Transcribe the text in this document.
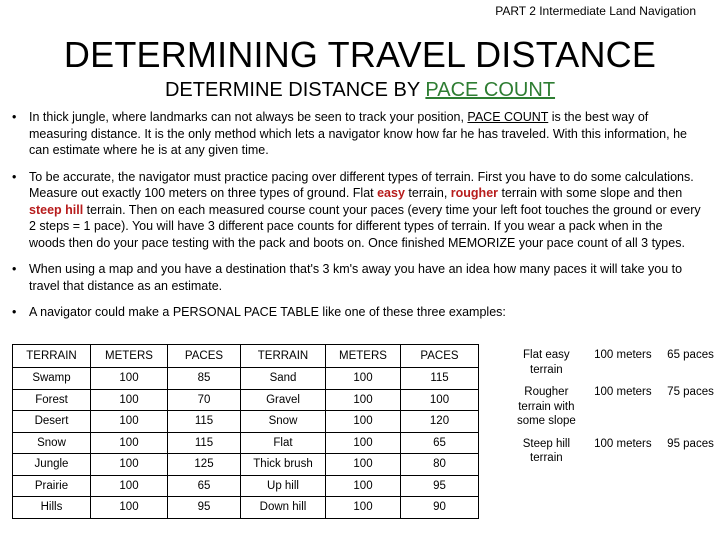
PART 2 Intermediate Land Navigation
DETERMINING TRAVEL DISTANCE
DETERMINE DISTANCE BY PACE COUNT
• In thick jungle, where landmarks can not always be seen to track your position, PACE COUNT is the best way of measuring distance. It is the only method which lets a navigator know how far he has traveled. With this information, he can estimate where he is at any given time.
• To be accurate, the navigator must practice pacing over different types of terrain. First you have to do some calculations. Measure out exactly 100 meters on three types of ground. Flat easy terrain, rougher terrain with some slope and then steep hill terrain. Then on each measured course count your paces (every time your left foot touches the ground or every 2 steps = 1 pace). You will have 3 different pace counts for different types of terrain. If you wear a pack when in the woods then do your pace testing with the pack and boots on. Once finished MEMORIZE your pace count of all 3 types.
• When using a map and you have a destination that's 3 km's away you have an idea how many paces it will take you to travel that distance as an estimate.
• A navigator could make a PERSONAL PACE TABLE like one of these three examples:
TERRAIN	METERS	PACES	TERRAIN	METERS	PACES
Swamp	100	85	Sand	100	115
Forest	100	70	Gravel	100	100
Desert	100	115	Snow	100	120
Snow	100	115	Flat	100	65
Jungle	100	125	Thick brush	100	80
Prairie	100	65	Up hill	100	95
Hills	100	95	Down hill	100	90
Flat easy terrain	100 meters	65 paces
Rougher terrain with some slope	100 meters	75 paces
Steep hill terrain	100 meters	95 paces
